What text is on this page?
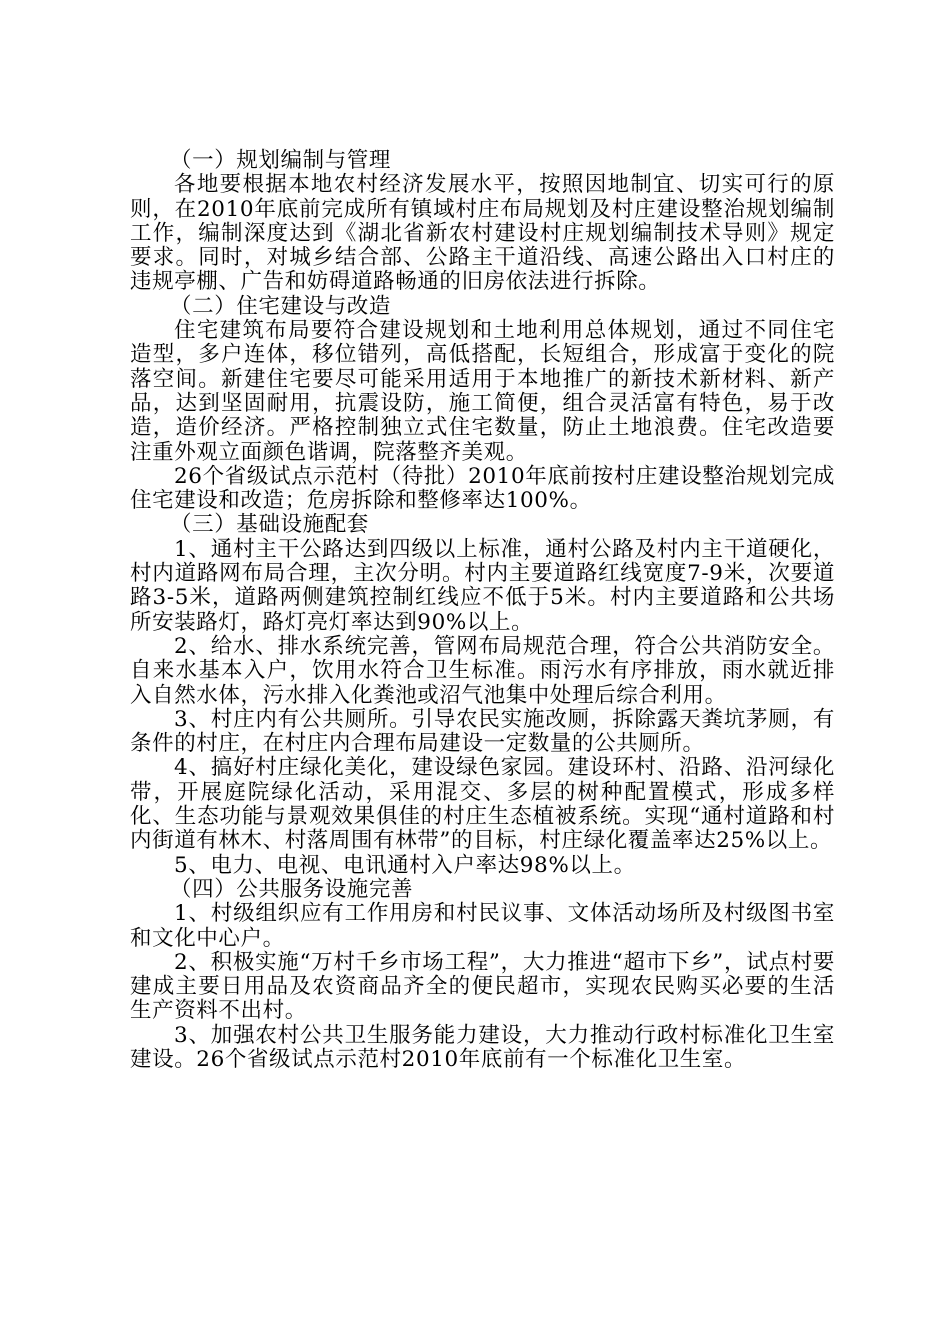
（一）规划编制与管理

各地要根据本地农村经济发展水平，按照因地制宜、切实可行的原则，在2010年底前完成所有镇域村庄布局规划及村庄建设整治规划编制工作，编制深度达到《湖北省新农村建设村庄规划编制技术导则》规定要求。同时，对城乡结合部、公路主干道沿线、高速公路出入口村庄的违规亭棚、广告和妨碍道路畅通的旧房依法进行拆除。

（二）住宅建设与改造

住宅建筑布局要符合建设规划和土地利用总体规划，通过不同住宅造型，多户连体，移位错列，高低搭配，长短组合，形成富于变化的院落空间。新建住宅要尽可能采用适用于本地推广的新技术新材料、新产品，达到坚固耐用，抗震设防，施工简便，组合灵活富有特色，易于改造，造价经济。严格控制独立式住宅数量，防止土地浪费。住宅改造要注重外观立面颜色谐调，院落整齐美观。

26个省级试点示范村（待批）2010年底前按村庄建设整治规划完成住宅建设和改造；危房拆除和整修率达100%。

（三）基础设施配套

1、通村主干公路达到四级以上标准，通村公路及村内主干道硬化，村内道路网布局合理，主次分明。村内主要道路红线宽度7-9米，次要道路3-5米，道路两侧建筑控制红线应不低于5米。村内主要道路和公共场所安装路灯，路灯亮灯率达到90%以上。

2、给水、排水系统完善，管网布局规范合理，符合公共消防安全。自来水基本入户，饮用水符合卫生标准。雨污水有序排放，雨水就近排入自然水体，污水排入化粪池或沼气池集中处理后综合利用。

3、村庄内有公共厕所。引导农民实施改厕，拆除露天粪坑茅厕，有条件的村庄，在村庄内合理布局建设一定数量的公共厕所。

4、搞好村庄绿化美化，建设绿色家园。建设环村、沿路、沿河绿化带，开展庭院绿化活动，采用混交、多层的树种配置模式，形成多样化、生态功能与景观效果俱佳的村庄生态植被系统。实现“通村道路和村内街道有林木、村落周围有林带”的目标，村庄绿化覆盖率达25%以上。

5、电力、电视、电讯通村入户率达98%以上。

（四）公共服务设施完善

1、村级组织应有工作用房和村民议事、文体活动场所及村级图书室和文化中心户。

2、积极实施“万村千乡市场工程”，大力推进“超市下乡”，试点村要建成主要日用品及农资商品齐全的便民超市，实现农民购买必要的生活生产资料不出村。

3、加强农村公共卫生服务能力建设，大力推动行政村标准化卫生室建设。26个省级试点示范村2010年底前有一个标准化卫生室。
